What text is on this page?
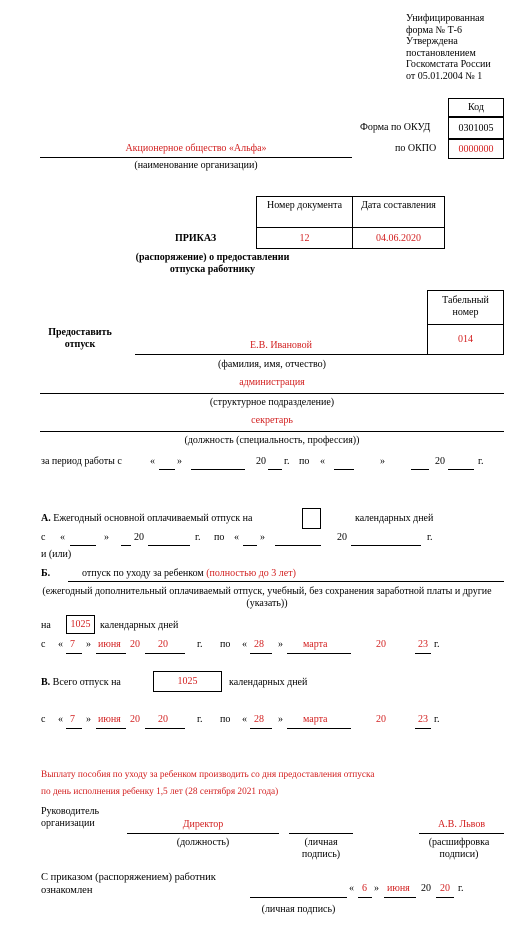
Унифицированная
форма № Т-6
Утверждена
постановлением
Госкомстата России
от 05.01.2004 № 1
Код
Форма по ОКУД	0301005
по ОКПО	0000000
Акционерное общество «Альфа»
(наименование организации)
Номер документа	Дата составления
12	04.06.2020
ПРИКАЗ
(распоряжение) о предоставлении отпуска работнику
Табельный номер
014
Предоставить отпуск	Е.В. Ивановой
(фамилия, имя, отчество)
администрация
(структурное подразделение)
секретарь
(должность (специальность, профессия))
за период работы с	« »	20 г. по «	»	20	г.
А. Ежегодный основной оплачиваемый отпуск на	календарных дней
с «	»	20	г. по « »	20	г.
и (или)
Б.	отпуск по уходу за ребенком (полностью до 3 лет)
(ежегодный дополнительный оплачиваемый отпуск, учебный, без сохранения заработной платы и другие (указать))
на	1025 календарных дней
с « 7 » июня 20 20	г. по « 28 » марта	20	23 г.
В. Всего отпуск на	1025	календарных дней
с « 7 » июня 20 20	г. по « 28 » марта	20	23 г.
Выплату пособия по уходу за ребенком производить со дня предоставления отпуска
по день исполнения ребенку 1,5 лет (28 сентября 2021 года)
Руководитель организации	Директор
(должность)	(личная подпись)
А.В. Львов
(расшифровка подписи)
С приказом (распоряжением) работник ознакомлен
(личная подпись)
« 6 » июня 20 20 г.
